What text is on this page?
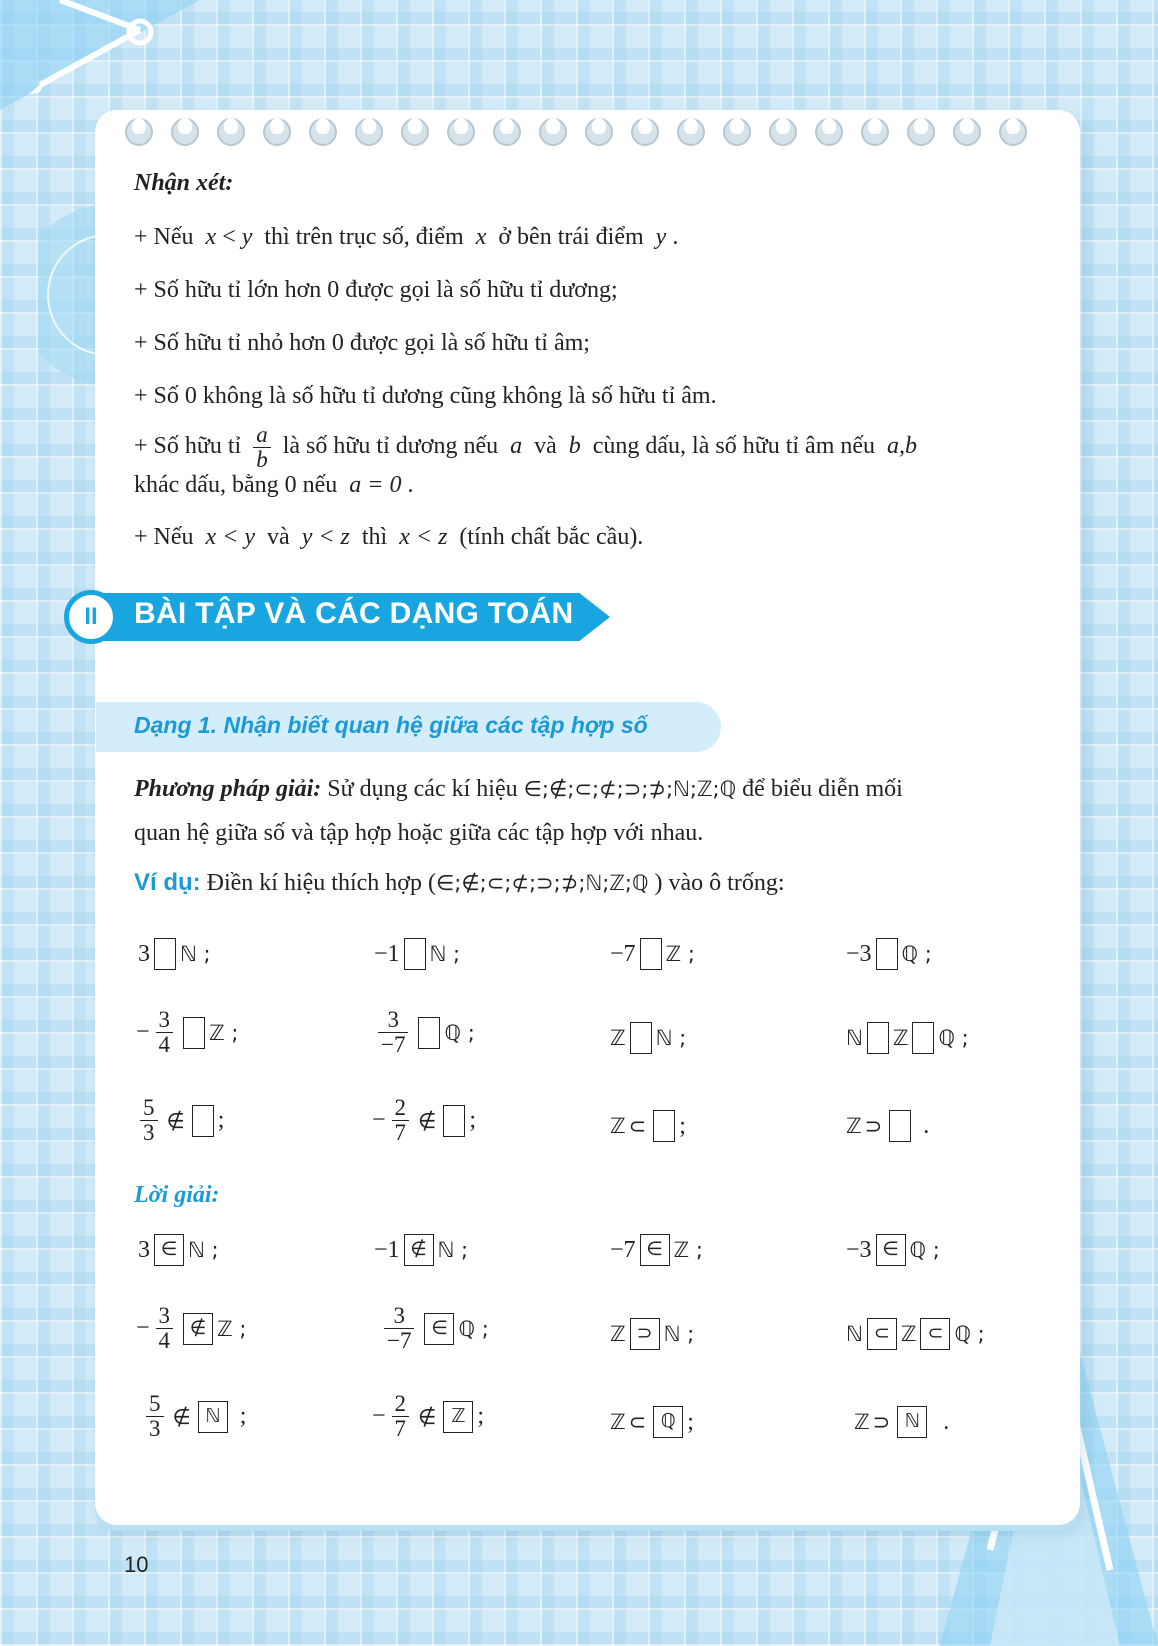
Nhận xét:
+ Nếu x < y thì trên trục số, điểm x ở bên trái điểm y .
+ Số hữu tỉ lớn hơn 0 được gọi là số hữu tỉ dương;
+ Số hữu tỉ nhỏ hơn 0 được gọi là số hữu tỉ âm;
+ Số 0 không là số hữu tỉ dương cũng không là số hữu tỉ âm.
+ Số hữu tỉ $\frac{a}{b}$ là số hữu tỉ dương nếu a và b cùng dấu, là số hữu tỉ âm nếu a,b
khác dấu, bằng 0 nếu a = 0 .
+ Nếu x < y và y < z thì x < z (tính chất bắc cầu).
II	BÀI TẬP VÀ CÁC DẠNG TOÁN
Dạng 1. Nhận biết quan hệ giữa các tập hợp số
Phương pháp giải: Sử dụng các kí hiệu ∈;∉;⊂;⊄;⊃;⊅;ℕ;ℤ;ℚ để biểu diễn mối
quan hệ giữa số và tập hợp hoặc giữa các tập hợp với nhau.
Ví dụ: Điền kí hiệu thích hợp (∈;∉;⊂;⊄;⊃;⊅;ℕ;ℤ;ℚ ) vào ô trống:
3 ℕ ;	−1 ℕ ;	−7 ℤ ;	−3 ℚ ;
− $\frac{3}{4}$ ℤ ;	$\frac{3}{-7}$ ℚ ;	ℤ ℕ ;	ℕ ℤ ℚ ;
$\frac{5}{3}$ ∉ ;	− $\frac{2}{7}$ ∉ ;	ℤ ⊂ ;	ℤ ⊃ .
Lời giải:
3 ∈ ℕ ;	−1 ∉ ℕ ;	−7 ∈ ℤ ;	−3 ∈ ℚ ;
− $\frac{3}{4}$ ∉ ℤ ;	$\frac{3}{-7}$ ∈ ℚ ;	ℤ ⊃ ℕ ;	ℕ ⊂ ℤ ⊂ ℚ ;
$\frac{5}{3}$ ∉ ℕ ;	− $\frac{2}{7}$ ∉ ℤ ;	ℤ ⊂ ℚ ;	ℤ ⊃ ℕ .
10
